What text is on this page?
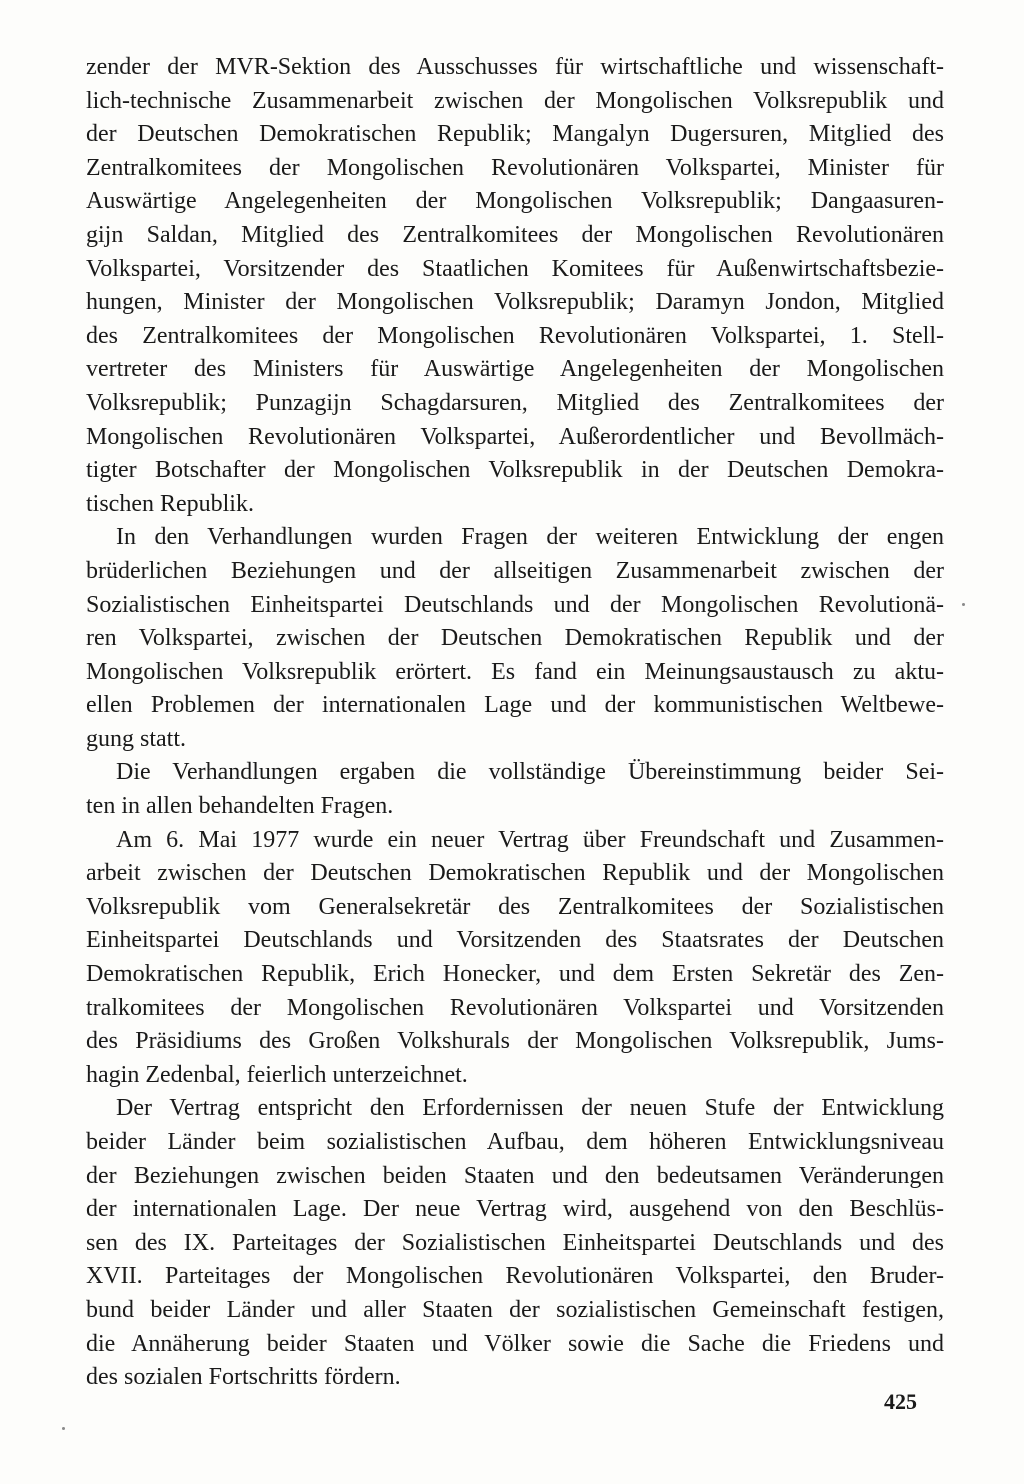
zender der MVR-Sektion des Ausschusses für wirtschaftliche und wissenschaft-
lich-technische Zusammenarbeit zwischen der Mongolischen Volksrepublik und
der Deutschen Demokratischen Republik; Mangalyn Dugersuren, Mitglied des
Zentralkomitees der Mongolischen Revolutionären Volkspartei, Minister für
Auswärtige Angelegenheiten der Mongolischen Volksrepublik; Dangaasuren-
gijn Saldan, Mitglied des Zentralkomitees der Mongolischen Revolutionären
Volkspartei, Vorsitzender des Staatlichen Komitees für Außenwirtschaftsbezie-
hungen, Minister der Mongolischen Volksrepublik; Daramyn Jondon, Mitglied
des Zentralkomitees der Mongolischen Revolutionären Volkspartei, 1. Stell-
vertreter des Ministers für Auswärtige Angelegenheiten der Mongolischen
Volksrepublik; Punzagijn Schagdarsuren, Mitglied des Zentralkomitees der
Mongolischen Revolutionären Volkspartei, Außerordentlicher und Bevollmäch-
tigter Botschafter der Mongolischen Volksrepublik in der Deutschen Demokra-
tischen Republik.
In den Verhandlungen wurden Fragen der weiteren Entwicklung der engen
brüderlichen Beziehungen und der allseitigen Zusammenarbeit zwischen der
Sozialistischen Einheitspartei Deutschlands und der Mongolischen Revolutionä-
ren Volkspartei, zwischen der Deutschen Demokratischen Republik und der
Mongolischen Volksrepublik erörtert. Es fand ein Meinungsaustausch zu aktu-
ellen Problemen der internationalen Lage und der kommunistischen Weltbewe-
gung statt.
Die Verhandlungen ergaben die vollständige Übereinstimmung beider Sei-
ten in allen behandelten Fragen.
Am 6. Mai 1977 wurde ein neuer Vertrag über Freundschaft und Zusammen-
arbeit zwischen der Deutschen Demokratischen Republik und der Mongolischen
Volksrepublik vom Generalsekretär des Zentralkomitees der Sozialistischen
Einheitspartei Deutschlands und Vorsitzenden des Staatsrates der Deutschen
Demokratischen Republik, Erich Honecker, und dem Ersten Sekretär des Zen-
tralkomitees der Mongolischen Revolutionären Volkspartei und Vorsitzenden
des Präsidiums des Großen Volkshurals der Mongolischen Volksrepublik, Jums-
hagin Zedenbal, feierlich unterzeichnet.
Der Vertrag entspricht den Erfordernissen der neuen Stufe der Entwicklung
beider Länder beim sozialistischen Aufbau, dem höheren Entwicklungsniveau
der Beziehungen zwischen beiden Staaten und den bedeutsamen Veränderungen
der internationalen Lage. Der neue Vertrag wird, ausgehend von den Beschlüs-
sen des IX. Parteitages der Sozialistischen Einheitspartei Deutschlands und des
XVII. Parteitages der Mongolischen Revolutionären Volkspartei, den Bruder-
bund beider Länder und aller Staaten der sozialistischen Gemeinschaft festigen,
die Annäherung beider Staaten und Völker sowie die Sache die Friedens und
des sozialen Fortschritts fördern.
425
